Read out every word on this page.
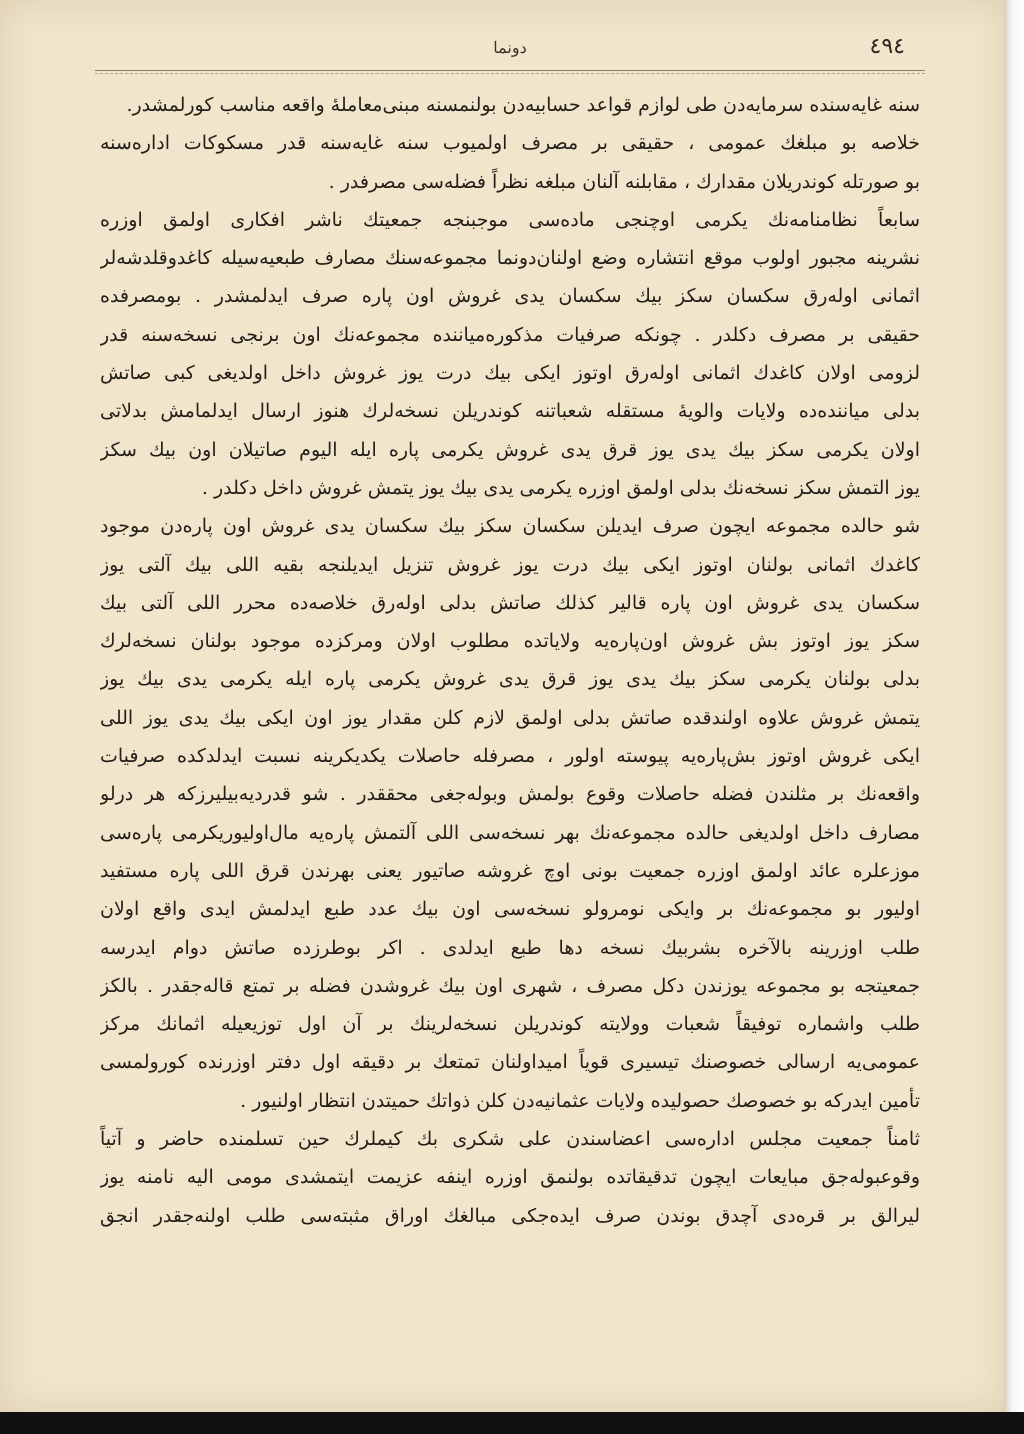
دونما	٤٩٤
سنه غایه‌سنده سرمایه‌دن طی لوازم قواعد حسابیه‌دن بولنمسنه مبنی‌معامله‌ٔ واقعه مناسب کورلمشدر.
خلاصه بو مبلغك عمومی ، حقیقی بر مصرف اولمیوب سنه غایه‌سنه قدر مسکوکات اداره‌سنه
بو صورتله کوندریلان مقدارك ، مقابلنه آلنان مبلغه نظراً فضله‌سی مصرفدر .
سابعاً نظامنامه‌نك یکرمی اوچنجی ماده‌سی موجبنجه جمعیتك ناشر افکاری اولمق اوزره
نشرینه مجبور اولوب موقع انتشاره وضع اولنان‌دونما مجموعه‌سنك مصارف طبعیه‌سیله کاغدوقلدشه‌لر
اثمانی اوله‌رق سکسان سکز بیك سکسان یدی غروش اون پاره صرف ایدلمشدر . بومصرفده
حقیقی بر مصرف دکلدر . چونکه صرفیات مذکوره‌میاننده مجموعه‌نك اون برنجی نسخه‌سنه قدر
لزومی اولان کاغدك اثمانی اوله‌رق اوتوز ایکی بیك درت یوز غروش داخل اولدیغی کبی صاتش
بدلی میاننده‌ده ولایات والویهٔ مستقله شعباتنه کوندریلن نسخه‌لرك هنوز ارسال ایدلمامش بدلاتی
اولان یکرمی سکز بیك یدی یوز قرق یدی غروش یکرمی پاره ایله الیوم صاتیلان اون بیك سکز
یوز التمش سکز نسخه‌نك بدلی اولمق اوزره یکرمی یدی بیك یوز یتمش غروش داخل دکلدر .
شو حالده مجموعه ایچون صرف ایدیلن سکسان سکز بیك سکسان یدی غروش اون پاره‌دن موجود
کاغدك اثمانی بولنان اوتوز ایکی بیك درت یوز غروش تنزیل ایدیلنجه بقیه اللی بیك آلتی یوز
سکسان یدی غروش اون پاره قالیر کذلك صاتش بدلی اوله‌رق خلاصه‌ده محرر اللی آلتی بیك
سکز یوز اوتوز بش غروش اون‌پاره‌یه ولایاتده مطلوب اولان ومرکزده موجود بولنان نسخه‌لرك
بدلی بولنان یکرمی سکز بیك یدی یوز قرق یدی غروش یکرمی پاره ایله یکرمی یدی بیك یوز
یتمش غروش علاوه اولندقده صاتش بدلی اولمق لازم کلن مقدار یوز اون ایکی بیك یدی یوز اللی
ایکی غروش اوتوز بش‌پاره‌یه پیوسته اولور ، مصرفله حاصلات یکدیکرینه نسبت ایدلدکده صرفیات
واقعه‌نك بر مثلندن فضله حاصلات وقوع بولمش وبوله‌جغی محققدر . شو قدردیه‌بیلیرزکه هر درلو
مصارف داخل اولدیغی حالده مجموعه‌نك بهر نسخه‌سی اللی آلتمش پاره‌یه مال‌اولیوریکرمی پاره‌سی
موزعلره عائد اولمق اوزره جمعیت بونی اوچ غروشه صاتیور یعنی بهرندن قرق اللی پاره مستفید
اولیور بو مجموعه‌نك بر وایکی نومرولو نسخه‌سی اون بیك عدد طبع ایدلمش ایدی واقع اولان
طلب اوزرینه بالآخره بشربیك نسخه دها طبع ایدلدی . اکر بوطرزده صاتش دوام ایدرسه
جمعیتجه بو مجموعه یوزندن دکل مصرف ، شهری اون بیك غروشدن فضله بر تمتع قاله‌جقدر . بالکز
طلب واشماره توفیقاً شعبات وولایته کوندریلن نسخه‌لرینك بر آن اول توزیعیله اثمانك مرکز
عمومی‌یه ارسالی خصوصنك تیسیری قویاً امیداولنان تمتعك بر دقیقه اول دفتر اوزرنده کورولمسی
تأمین ایدرکه بو خصوصك حصولیده ولایات عثمانیه‌دن کلن ذواتك حمیتدن انتظار اولنیور .
ثامناً جمعیت مجلس اداره‌سی اعضاسندن علی شکری بك کیملرك حین تسلمنده حاضر و آتیاً
وقوعبوله‌جق مبایعات ایچون تدقیقاتده بولنمق اوزره اینفه عزیمت ایتمشدی مومی الیه نامنه یوز
لیرالق بر قره‌دی آچدق بوندن صرف ایده‌جکی مبالغك اوراق مثبته‌سی طلب اولنه‌جقدر انجق
